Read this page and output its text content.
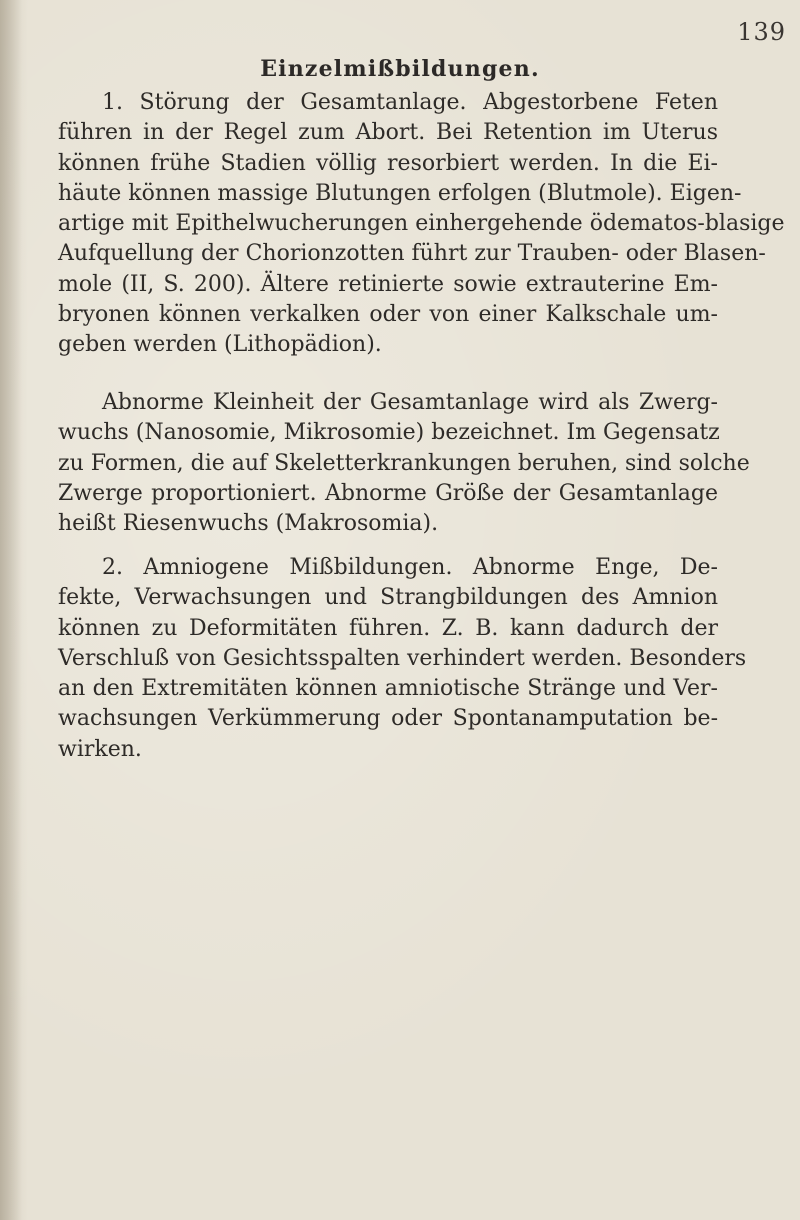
139
Einzelmißbildungen.
1. Störung der Gesamtanlage. Abgestorbene Feten
führen in der Regel zum Abort. Bei Retention im Uterus
können frühe Stadien völlig resorbiert werden. In die Ei-
häute können massige Blutungen erfolgen (Blutmole). Eigen-
artige mit Epithelwucherungen einhergehende ödematos-blasige
Aufquellung der Chorionzotten führt zur Trauben- oder Blasen-
mole (II, S. 200). Ältere retinierte sowie extrauterine Em-
bryonen können verkalken oder von einer Kalkschale um-
geben werden (Lithopädion).
Abnorme Kleinheit der Gesamtanlage wird als Zwerg-
wuchs (Nanosomie, Mikrosomie) bezeichnet. Im Gegensatz
zu Formen, die auf Skeletterkrankungen beruhen, sind solche
Zwerge proportioniert. Abnorme Größe der Gesamtanlage
heißt Riesenwuchs (Makrosomia).
2. Amniogene Mißbildungen. Abnorme Enge, De-
fekte, Verwachsungen und Strangbildungen des Amnion
können zu Deformitäten führen. Z. B. kann dadurch der
Verschluß von Gesichtsspalten verhindert werden. Besonders
an den Extremitäten können amniotische Stränge und Ver-
wachsungen Verkümmerung oder Spontanamputation be-
wirken.
